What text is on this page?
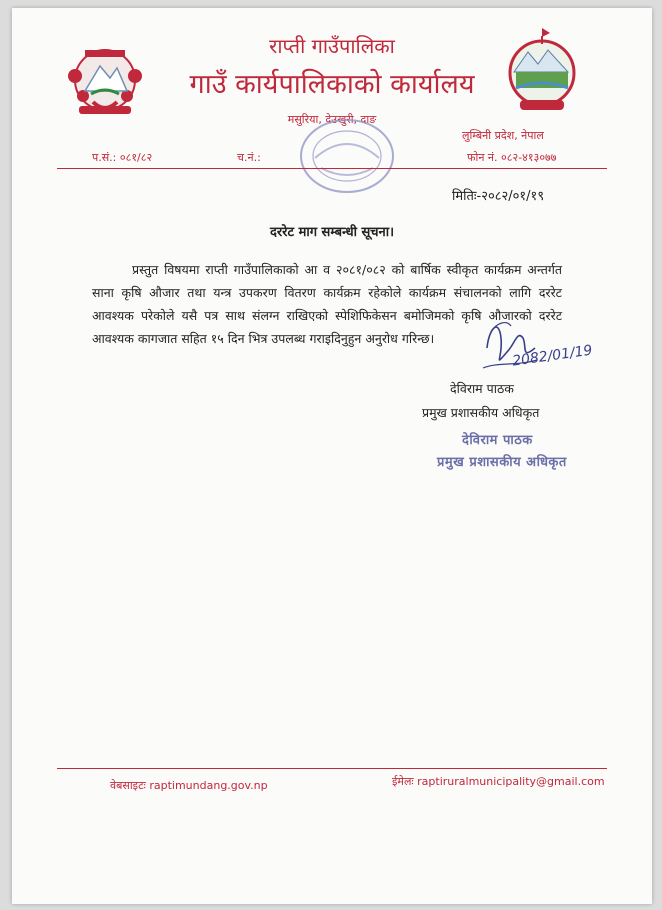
राप्ती गाउँपालिका
गाउँ कार्यपालिकाको कार्यालय
मसुरिया, देउखुरी, दाङ
लुम्बिनी प्रदेश, नेपाल
प.सं.: ०८१/८२	च.नं.:	फोन नं. ०८२-४१३०७७
मितिः-२०८२/०१/१९
दररेट माग सम्बन्धी सूचना।
प्रस्तुत विषयमा राप्ती गाउँपालिकाको आ व २०८१/०८२ को बार्षिक स्वीकृत कार्यक्रम अन्तर्गत साना कृषि औजार तथा यन्त्र उपकरण वितरण कार्यक्रम रहेकोले कार्यक्रम संचालनको लागि दररेट आवश्यक परेकोले यसै पत्र साथ संलग्न राखिएको स्पेशिफिकेसन बमोजिमको कृषि औजारको दररेट आवश्यक कागजात सहित १५ दिन भित्र उपलब्ध गराइदिनुहुन अनुरोध गरिन्छ।
2082/01/19
देविराम पाठक
प्रमुख प्रशासकीय अधिकृत
देविराम पाठक
प्रमुख प्रशासकीय अधिकृत
वेबसाइटः raptimundang.gov.np	ईमेलः raptiruralmunicipality@gmail.com
